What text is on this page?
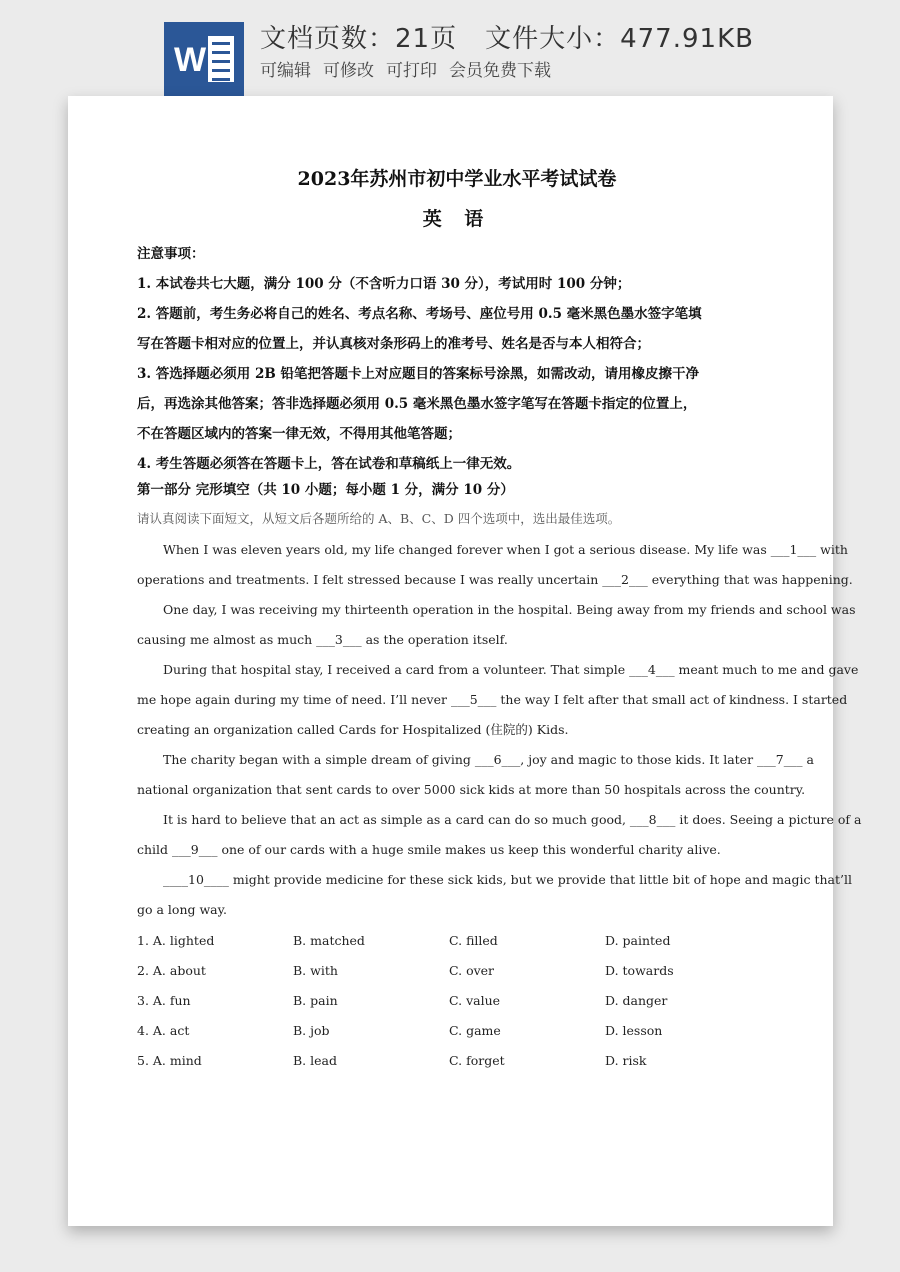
W
文档页数：21页 文件大小：477.91KB
可编辑 可修改 可打印 会员免费下载
2023年苏州市初中学业水平考试试卷
英 语

注意事项：

1. 本试卷共七大题，满分 100 分（不含听力口语 30 分），考试用时 100 分钟；

2. 答题前，考生务必将自己的姓名、考点名称、考场号、座位号用 0.5 毫米黑色墨水签字笔填

写在答题卡相对应的位置上，并认真核对条形码上的准考号、姓名是否与本人相符合；

3. 答选择题必须用 2B 铅笔把答题卡上对应题目的答案标号涂黑，如需改动，请用橡皮擦干净

后，再选涂其他答案；答非选择题必须用 0.5 毫米黑色墨水签字笔写在答题卡指定的位置上，

不在答题区域内的答案一律无效，不得用其他笔答题；

4. 考生答题必须答在答题卡上，答在试卷和草稿纸上一律无效。

第一部分 完形填空（共 10 小题；每小题 1 分，满分 10 分）
请认真阅读下面短文，从短文后各题所给的 A、B、C、D 四个选项中，选出最佳选项。

When I was eleven years old, my life changed forever when I got a serious disease. My life was ___1___ with

operations and treatments. I felt stressed because I was really uncertain ___2___ everything that was happening.

One day, I was receiving my thirteenth operation in the hospital. Being away from my friends and school was

causing me almost as much ___3___ as the operation itself.

During that hospital stay, I received a card from a volunteer. That simple ___4___ meant much to me and gave

me hope again during my time of need. I’ll never ___5___ the way I felt after that small act of kindness. I started

creating an organization called Cards for Hospitalized (住院的) Kids.

The charity began with a simple dream of giving ___6___, joy and magic to those kids. It later ___7___ a

national organization that sent cards to over 5000 sick kids at more than 50 hospitals across the country.

It is hard to believe that an act as simple as a card can do so much good, ___8___ it does. Seeing a picture of a

child ___9___ one of our cards with a huge smile makes us keep this wonderful charity alive.

____10____ might provide medicine for these sick kids, but we provide that little bit of hope and magic that’ll

go a long way.

1. A. lighted	B. matched	C. filled	D. painted
2. A. about	B. with	C. over	D. towards
3. A. fun	B. pain	C. value	D. danger
4. A. act	B. job	C. game	D. lesson
5. A. mind	B. lead	C. forget	D. risk
